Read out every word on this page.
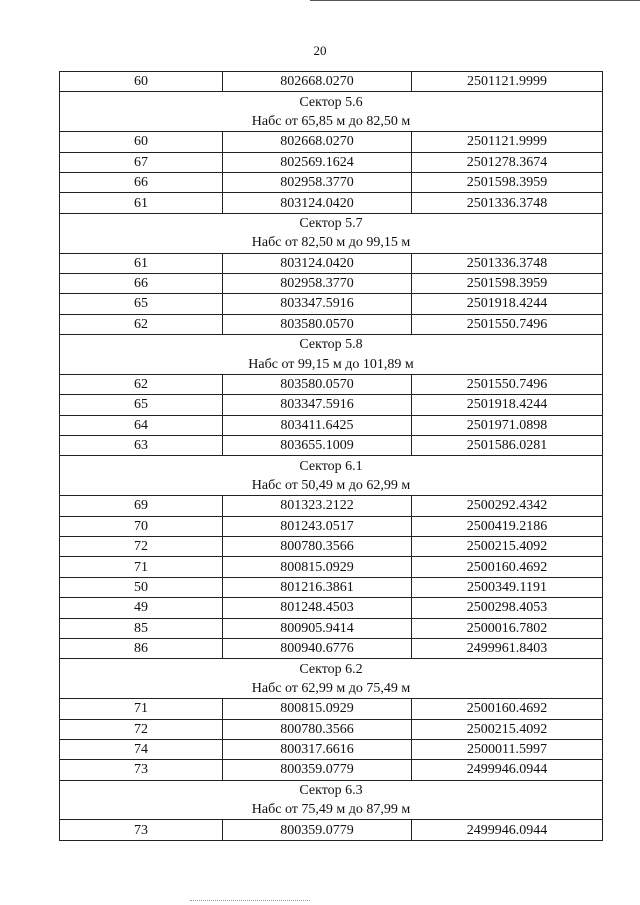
20
60	802668.0270	2501121.9999
Сектор 5.6		
Набс от 65,85 м до 82,50 м		
60	802668.0270	2501121.9999
67	802569.1624	2501278.3674
66	802958.3770	2501598.3959
61	803124.0420	2501336.3748
Сектор 5.7		
Набс от 82,50 м до 99,15 м		
61	803124.0420	2501336.3748
66	802958.3770	2501598.3959
65	803347.5916	2501918.4244
62	803580.0570	2501550.7496
Сектор 5.8		
Набс от 99,15 м до 101,89 м		
62	803580.0570	2501550.7496
65	803347.5916	2501918.4244
64	803411.6425	2501971.0898
63	803655.1009	2501586.0281
Сектор 6.1		
Набс от 50,49 м до 62,99 м		
69	801323.2122	2500292.4342
70	801243.0517	2500419.2186
72	800780.3566	2500215.4092
71	800815.0929	2500160.4692
50	801216.3861	2500349.1191
49	801248.4503	2500298.4053
85	800905.9414	2500016.7802
86	800940.6776	2499961.8403
Сектор 6.2		
Набс от 62,99 м до 75,49 м		
71	800815.0929	2500160.4692
72	800780.3566	2500215.4092
74	800317.6616	2500011.5997
73	800359.0779	2499946.0944
Сектор 6.3		
Набс от 75,49 м до 87,99 м		
73	800359.0779	2499946.0944
